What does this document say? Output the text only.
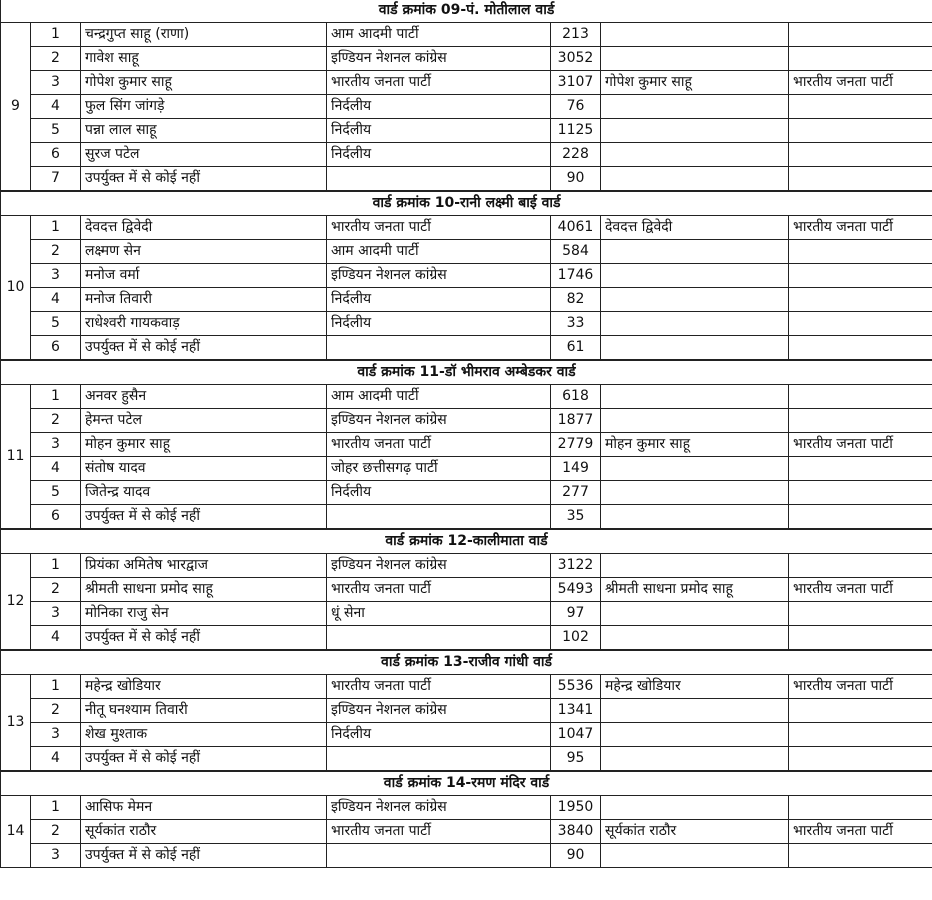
वार्ड क्रमांक 09-पं. मोतीलाल वार्ड						
9	1	चन्द्रगुप्त साहू (राणा)	आम आदमी पार्टी	213		
	2	गावेश साहू	इण्डियन नेशनल कांग्रेस	3052		
	3	गोपेश कुमार साहू	भारतीय जनता पार्टी	3107	गोपेश कुमार साहू	भारतीय जनता पार्टी
	4	फुल सिंग जांगड़े	निर्दलीय	76		
	5	पन्ना लाल साहू	निर्दलीय	1125		
	6	सुरज पटेल	निर्दलीय	228		
	7	उपर्युक्त में से कोई नहीं		90		
वार्ड क्रमांक 10-रानी लक्ष्मी बाई वार्ड						
10	1	देवदत्त द्विवेदी	भारतीय जनता पार्टी	4061	देवदत्त द्विवेदी	भारतीय जनता पार्टी
	2	लक्ष्मण सेन	आम आदमी पार्टी	584		
	3	मनोज वर्मा	इण्डियन नेशनल कांग्रेस	1746		
	4	मनोज तिवारी	निर्दलीय	82		
	5	राधेश्वरी गायकवाड़	निर्दलीय	33		
	6	उपर्युक्त में से कोई नहीं		61		
वार्ड क्रमांक 11-डॉ भीमराव अम्बेडकर वार्ड						
11	1	अनवर हुसैन	आम आदमी पार्टी	618		
	2	हेमन्त पटेल	इण्डियन नेशनल कांग्रेस	1877		
	3	मोहन कुमार साहू	भारतीय जनता पार्टी	2779	मोहन कुमार साहू	भारतीय जनता पार्टी
	4	संतोष यादव	जोहर छत्तीसगढ़ पार्टी	149		
	5	जितेन्द्र यादव	निर्दलीय	277		
	6	उपर्युक्त में से कोई नहीं		35		
वार्ड क्रमांक 12-कालीमाता वार्ड						
12	1	प्रियंका अमितेष भारद्वाज	इण्डियन नेशनल कांग्रेस	3122		
	2	श्रीमती साधना प्रमोद साहू	भारतीय जनता पार्टी	5493	श्रीमती साधना प्रमोद साहू	भारतीय जनता पार्टी
	3	मोनिका राजु सेन	धूं सेना	97		
	4	उपर्युक्त में से कोई नहीं		102		
वार्ड क्रमांक 13-राजीव गांधी वार्ड						
13	1	महेन्द्र खोडियार	भारतीय जनता पार्टी	5536	महेन्द्र खोडियार	भारतीय जनता पार्टी
	2	नीतू घनश्याम तिवारी	इण्डियन नेशनल कांग्रेस	1341		
	3	शेख मुश्ताक	निर्दलीय	1047		
	4	उपर्युक्त में से कोई नहीं		95		
वार्ड क्रमांक 14-रमण मंदिर वार्ड						
14	1	आसिफ मेमन	इण्डियन नेशनल कांग्रेस	1950		
	2	सूर्यकांत राठौर	भारतीय जनता पार्टी	3840	सूर्यकांत राठौर	भारतीय जनता पार्टी
	3	उपर्युक्त में से कोई नहीं		90		
